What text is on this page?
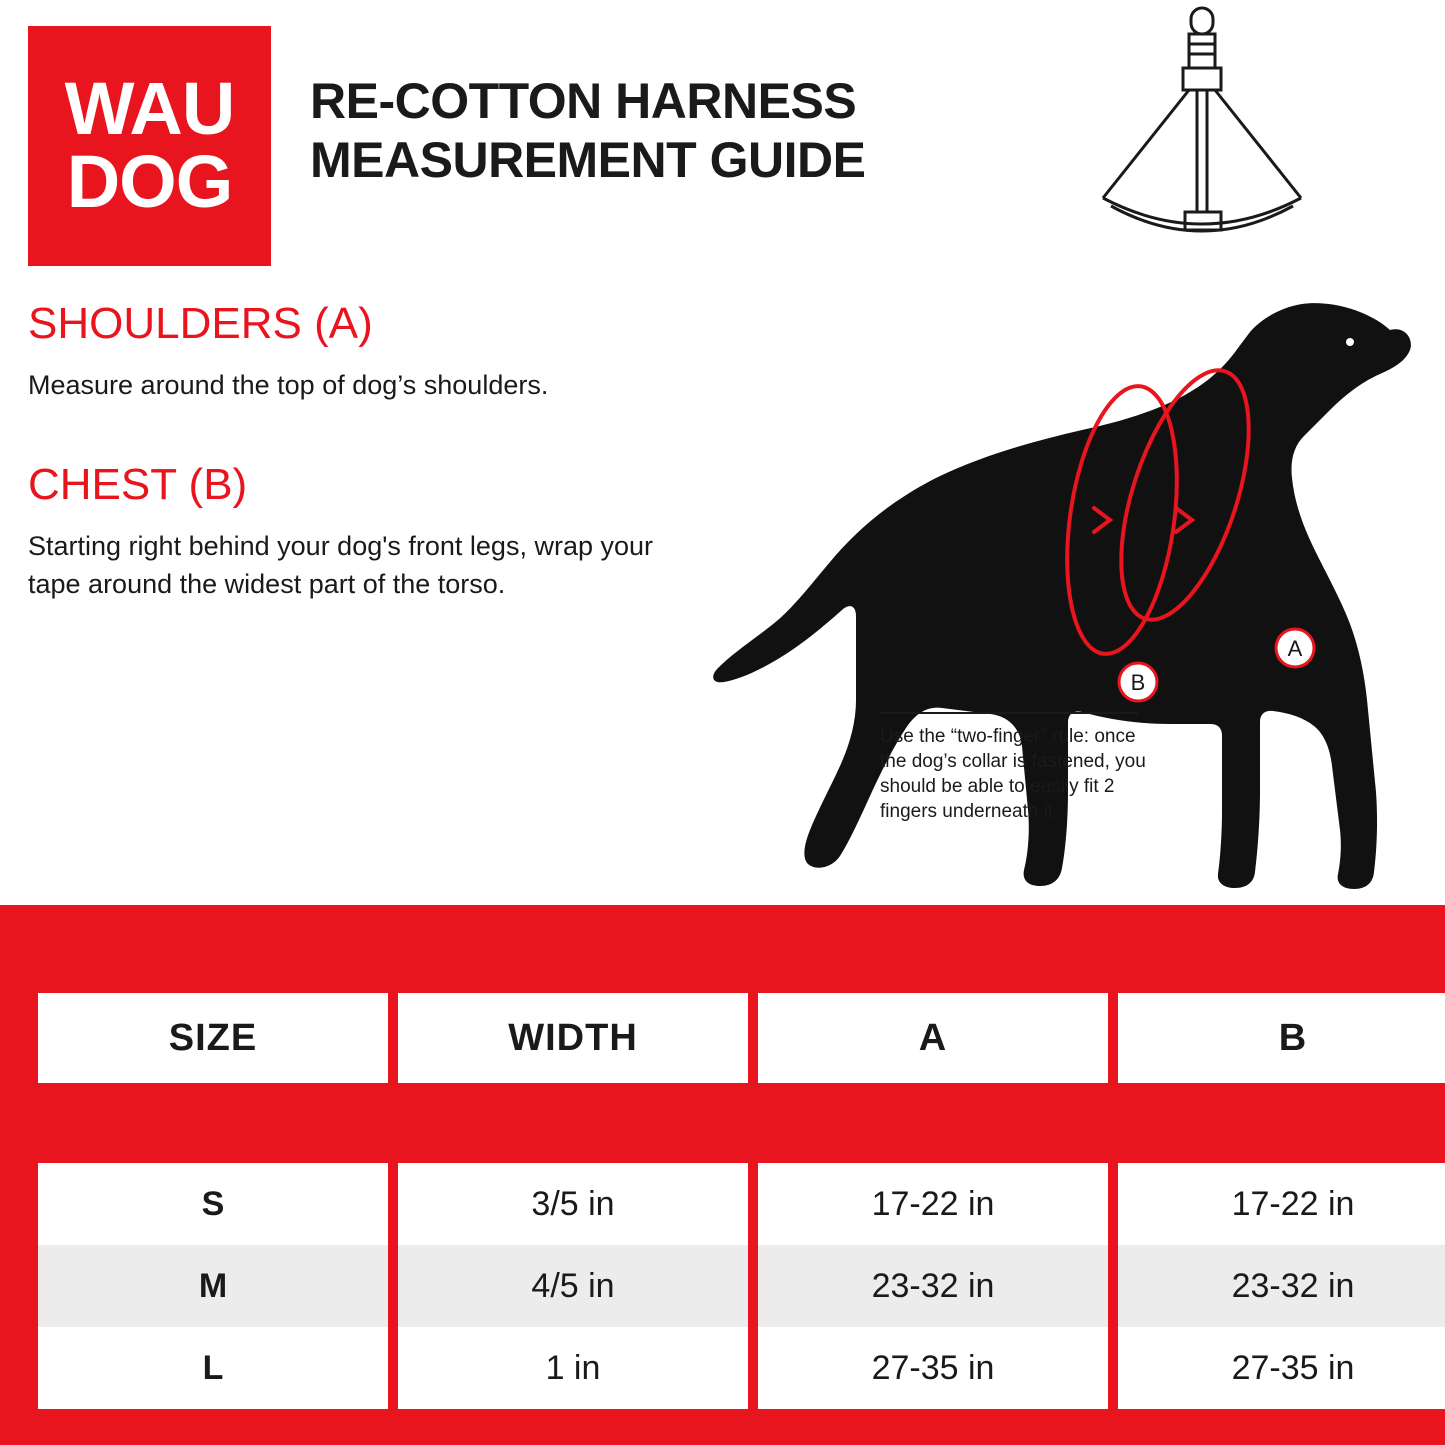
WAU
DOG
RE-COTTON HARNESS MEASUREMENT GUIDE
SHOULDERS (A)

Measure around the top of dog’s shoulders.

CHEST (B)

Starting right behind your dog's front legs, wrap your tape around the widest part of the torso.

A
B
Use the “two-finger” rule: once the dog’s collar is fastened, you should be able to easily fit 2 fingers underneath it.
SIZE	WIDTH	A	B

S	3/5 in	17-22 in	17-22 in
M	4/5 in	23-32 in	23-32 in
L	1 in	27-35 in	27-35 in
